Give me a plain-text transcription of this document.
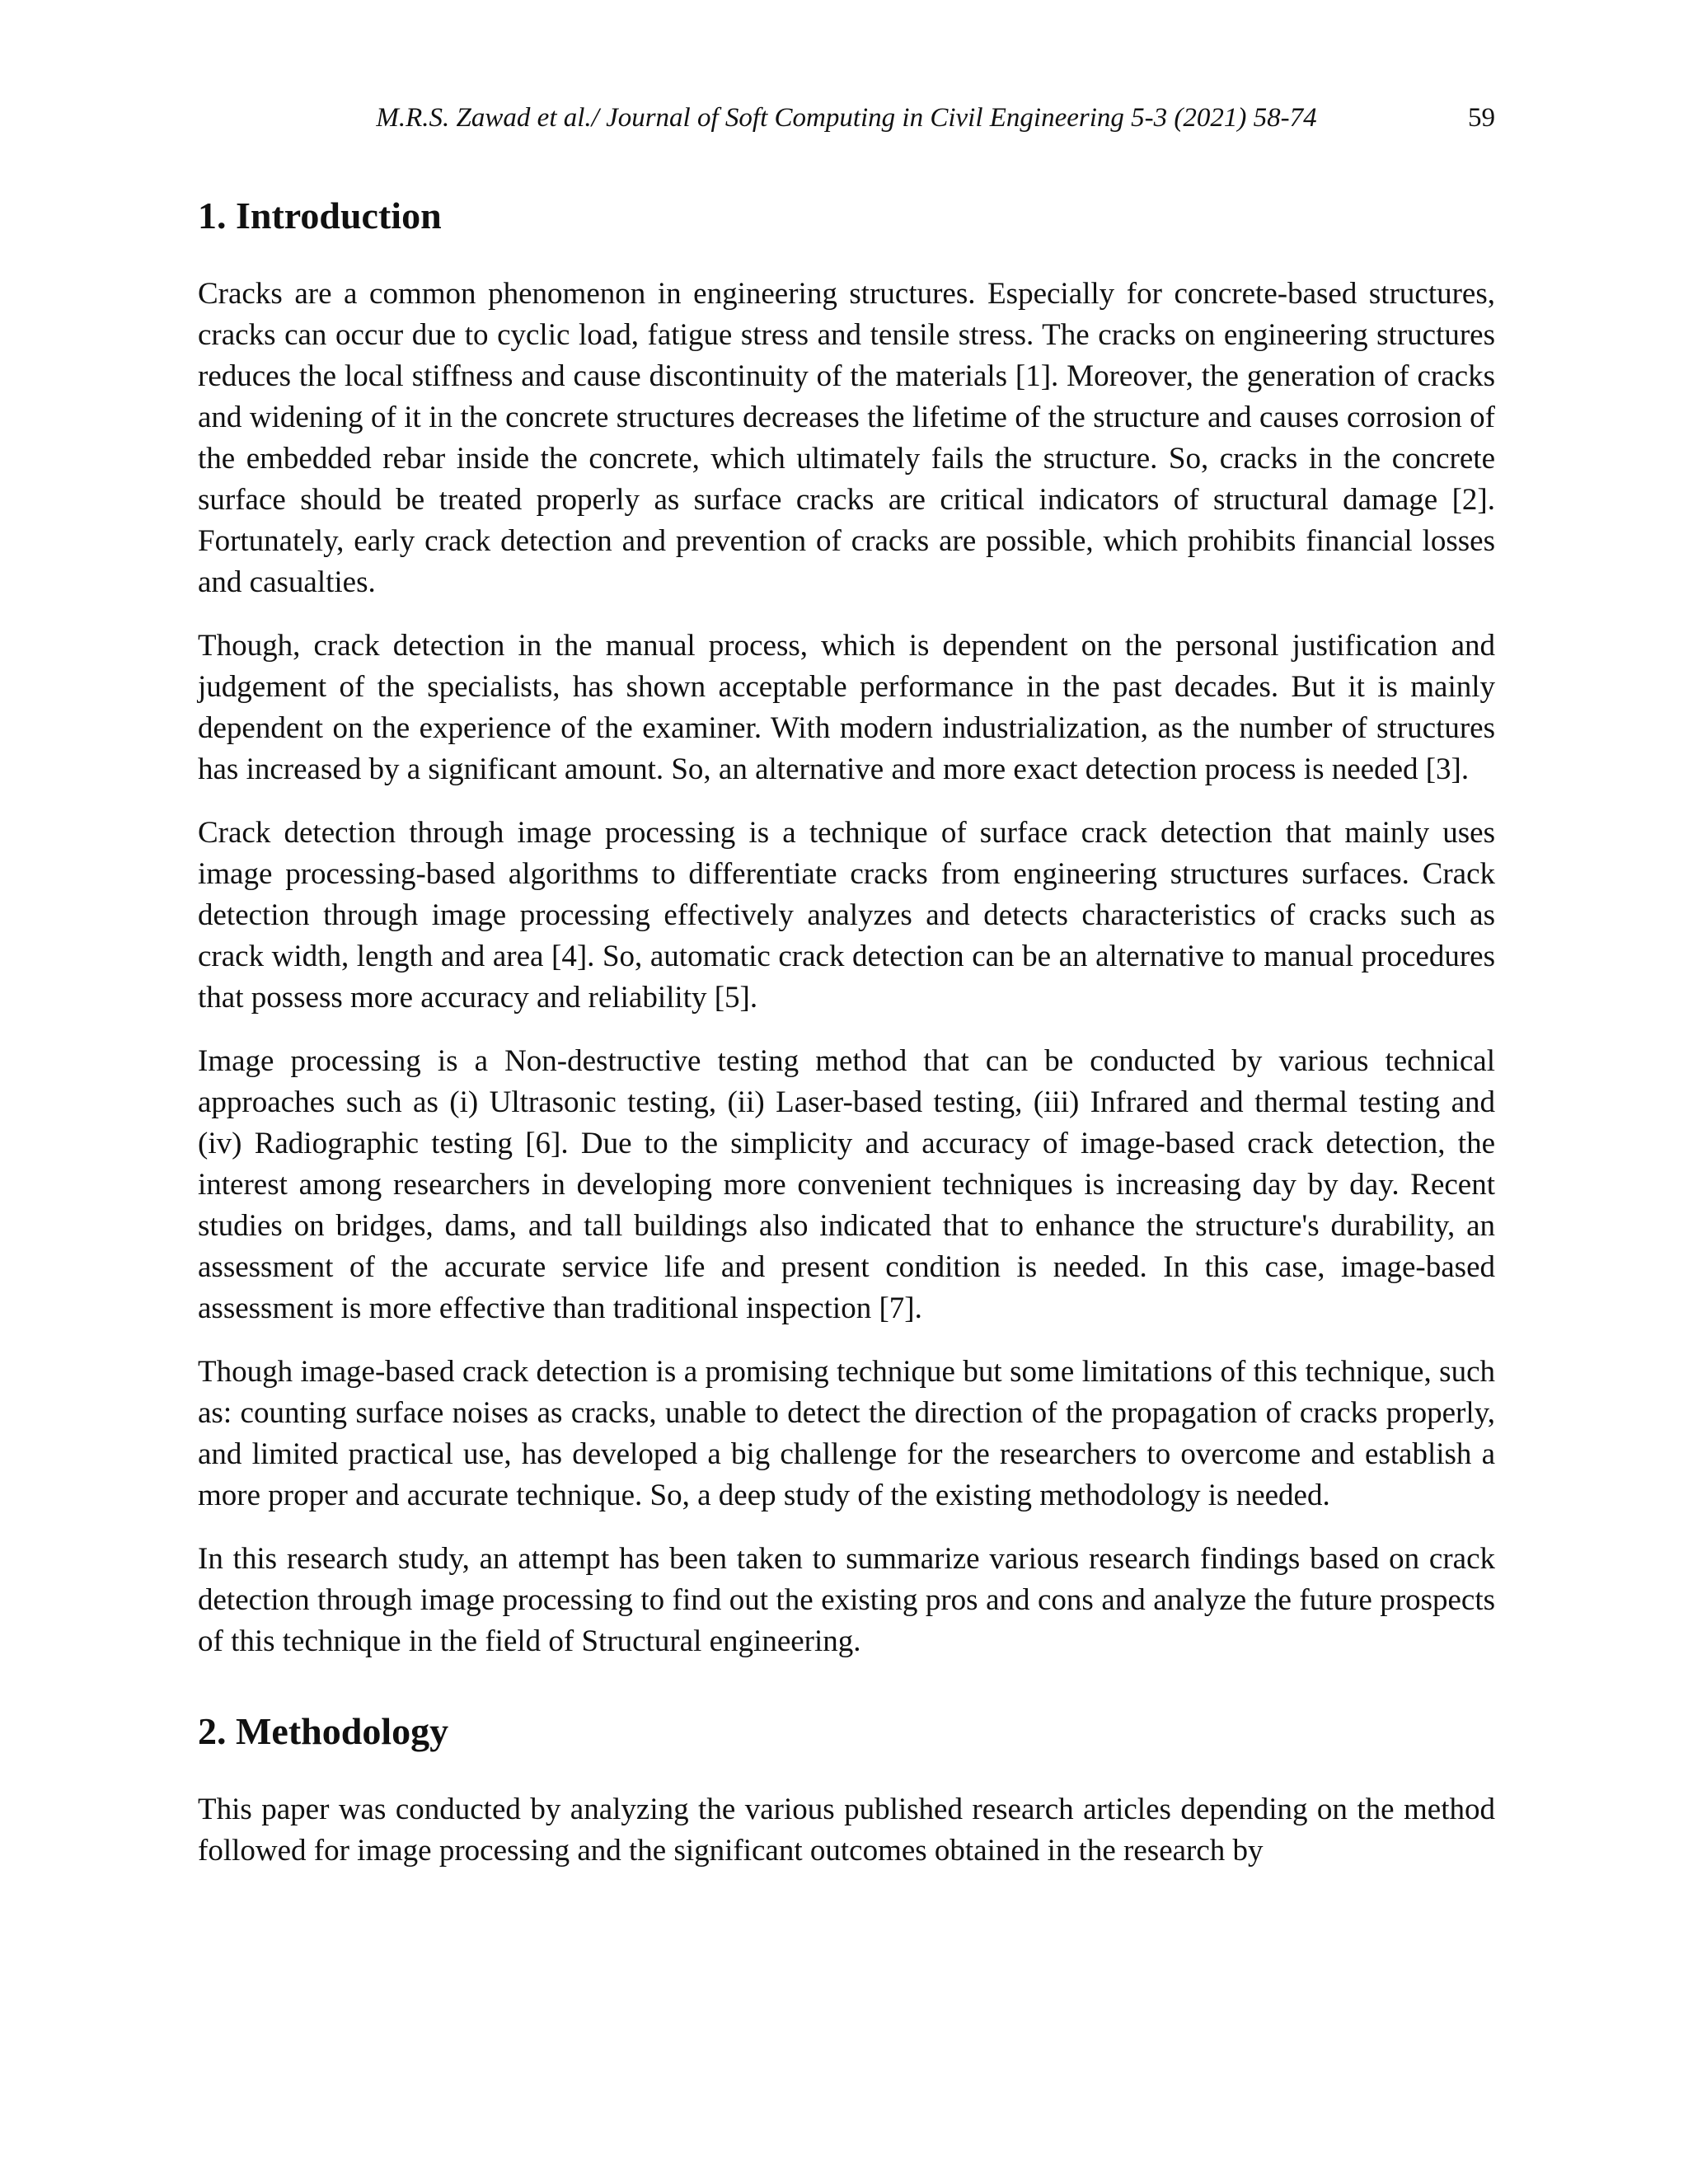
M.R.S. Zawad et al./ Journal of Soft Computing in Civil Engineering 5-3 (2021) 58-74	59
1. Introduction

Cracks are a common phenomenon in engineering structures. Especially for concrete-based structures, cracks can occur due to cyclic load, fatigue stress and tensile stress. The cracks on engineering structures reduces the local stiffness and cause discontinuity of the materials [1]. Moreover, the generation of cracks and widening of it in the concrete structures decreases the lifetime of the structure and causes corrosion of the embedded rebar inside the concrete, which ultimately fails the structure. So, cracks in the concrete surface should be treated properly as surface cracks are critical indicators of structural damage [2]. Fortunately, early crack detection and prevention of cracks are possible, which prohibits financial losses and casualties.

Though, crack detection in the manual process, which is dependent on the personal justification and judgement of the specialists, has shown acceptable performance in the past decades. But it is mainly dependent on the experience of the examiner. With modern industrialization, as the number of structures has increased by a significant amount. So, an alternative and more exact detection process is needed [3].

Crack detection through image processing is a technique of surface crack detection that mainly uses image processing-based algorithms to differentiate cracks from engineering structures surfaces. Crack detection through image processing effectively analyzes and detects characteristics of cracks such as crack width, length and area [4]. So, automatic crack detection can be an alternative to manual procedures that possess more accuracy and reliability [5].

Image processing is a Non-destructive testing method that can be conducted by various technical approaches such as (i) Ultrasonic testing, (ii) Laser-based testing, (iii) Infrared and thermal testing and (iv) Radiographic testing [6]. Due to the simplicity and accuracy of image-based crack detection, the interest among researchers in developing more convenient techniques is increasing day by day. Recent studies on bridges, dams, and tall buildings also indicated that to enhance the structure's durability, an assessment of the accurate service life and present condition is needed. In this case, image-based assessment is more effective than traditional inspection [7].

Though image-based crack detection is a promising technique but some limitations of this technique, such as: counting surface noises as cracks, unable to detect the direction of the propagation of cracks properly, and limited practical use, has developed a big challenge for the researchers to overcome and establish a more proper and accurate technique. So, a deep study of the existing methodology is needed.

In this research study, an attempt has been taken to summarize various research findings based on crack detection through image processing to find out the existing pros and cons and analyze the future prospects of this technique in the field of Structural engineering.

2. Methodology

This paper was conducted by analyzing the various published research articles depending on the method followed for image processing and the significant outcomes obtained in the research by
